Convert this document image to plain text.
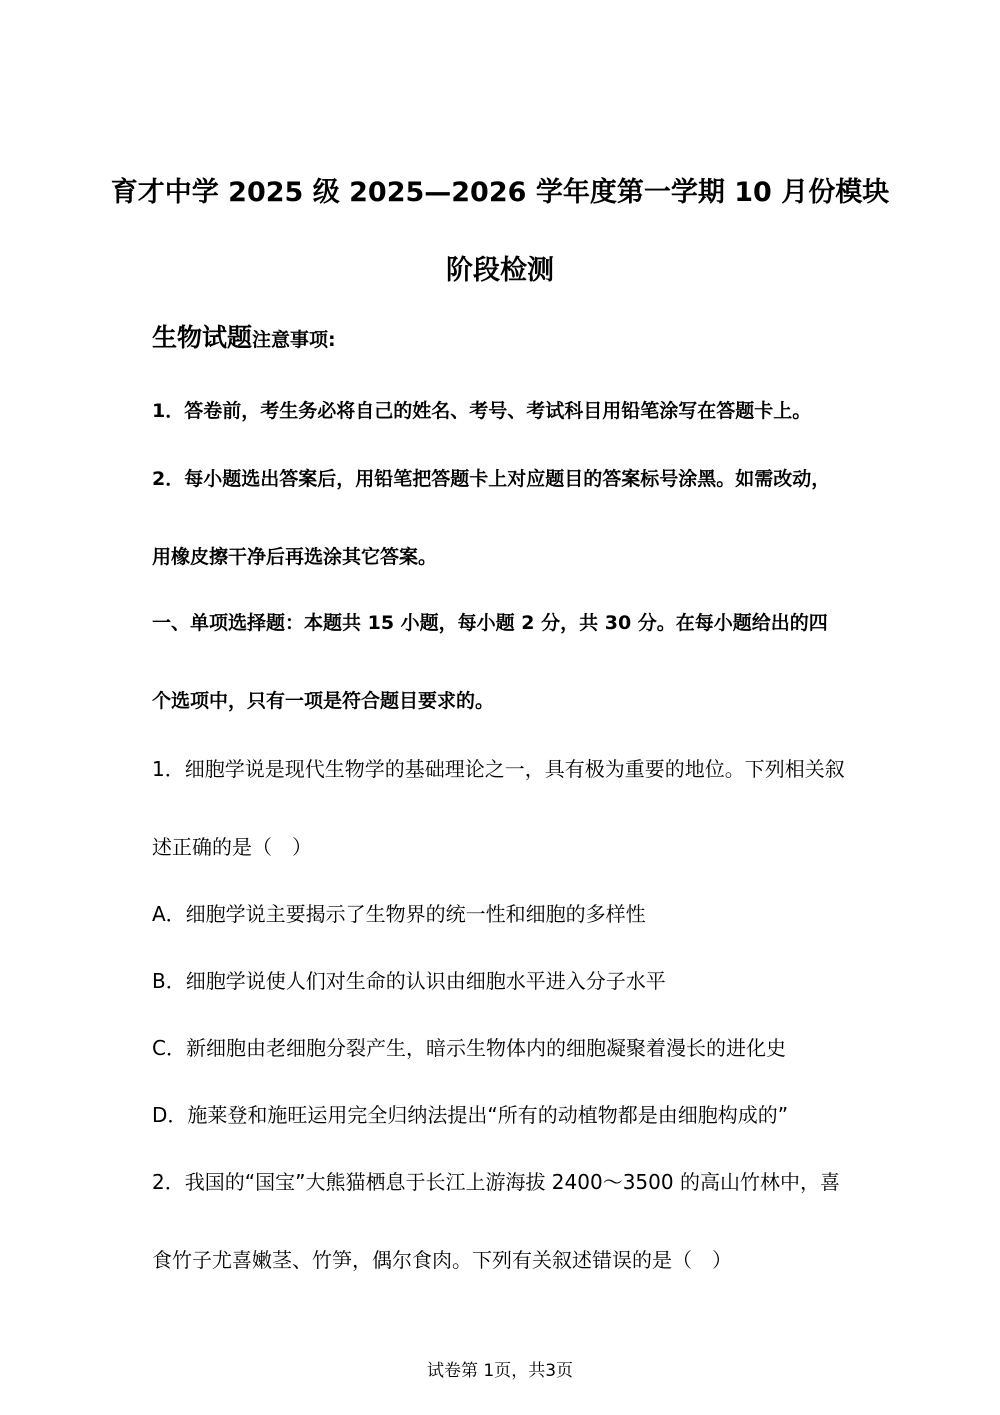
育才中学 2025 级 2025—2026 学年度第一学期 10 月份模块
阶段检测
生物试题注意事项:
1．答卷前，考生务必将自己的姓名、考号、考试科目用铅笔涂写在答题卡上。
2．每小题选出答案后，用铅笔把答题卡上对应题目的答案标号涂黑。如需改动，
用橡皮擦干净后再选涂其它答案。
一、单项选择题：本题共 15 小题，每小题 2 分，共 30 分。在每小题给出的四
个选项中，只有一项是符合题目要求的。
1．细胞学说是现代生物学的基础理论之一，具有极为重要的地位。下列相关叙
述正确的是（　）
A．细胞学说主要揭示了生物界的统一性和细胞的多样性
B．细胞学说使人们对生命的认识由细胞水平进入分子水平
C．新细胞由老细胞分裂产生，暗示生物体内的细胞凝聚着漫长的进化史
D．施莱登和施旺运用完全归纳法提出“所有的动植物都是由细胞构成的”
2．我国的“国宝”大熊猫栖息于长江上游海拔 2400～3500 的高山竹林中，喜
食竹子尤喜嫩茎、竹笋，偶尔食肉。下列有关叙述错误的是（　）
试卷第 1页，共3页
